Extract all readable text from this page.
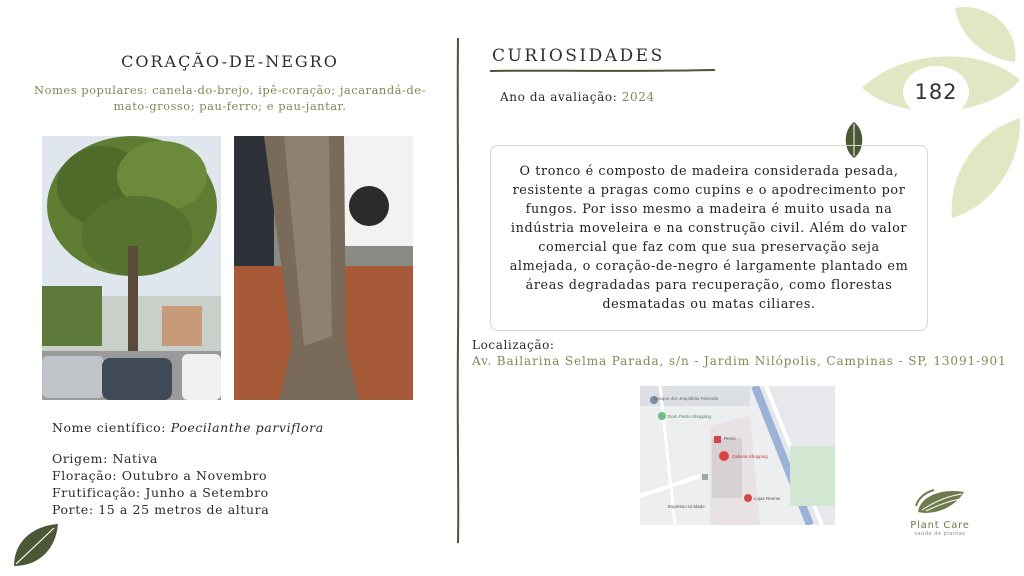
CORAÇÃO-DE-NEGRO
Nomes populares: canela-do-brejo, ipê-coração; jacarandá-de-mato-grosso; pau-ferro; e pau-jantar.
Nome científico: Poecilanthe parviflora
Origem: Nativa
Floração: Outubro a Novembro
Frutificação: Junho a Setembro
Porte: 15 a 25 metros de altura
CURIOSIDADES
Ano da avaliação: 2024	182

O tronco é composto de madeira considerada pesada, resistente a pragas como cupins e o apodrecimento por fungos. Por isso mesmo a madeira é muito usada na indústria moveleira e na construção civil. Além do valor comercial que faz com que sua preservação seja almejada, o coração-de-negro é largamente plantado em áreas degradadas para recuperação, como florestas desmatadas ou matas ciliares.

Localização:
Av. Bailarina Selma Parada, s/n - Jardim Nilópolis, Campinas - SP, 13091-901
Bosque dos Jequitibás Fazenda
Dom Pedro Shopping
Perini
Galleria Shopping
Lojas Renner
Expresso Unidade
Plant Care
saúde de plantas
